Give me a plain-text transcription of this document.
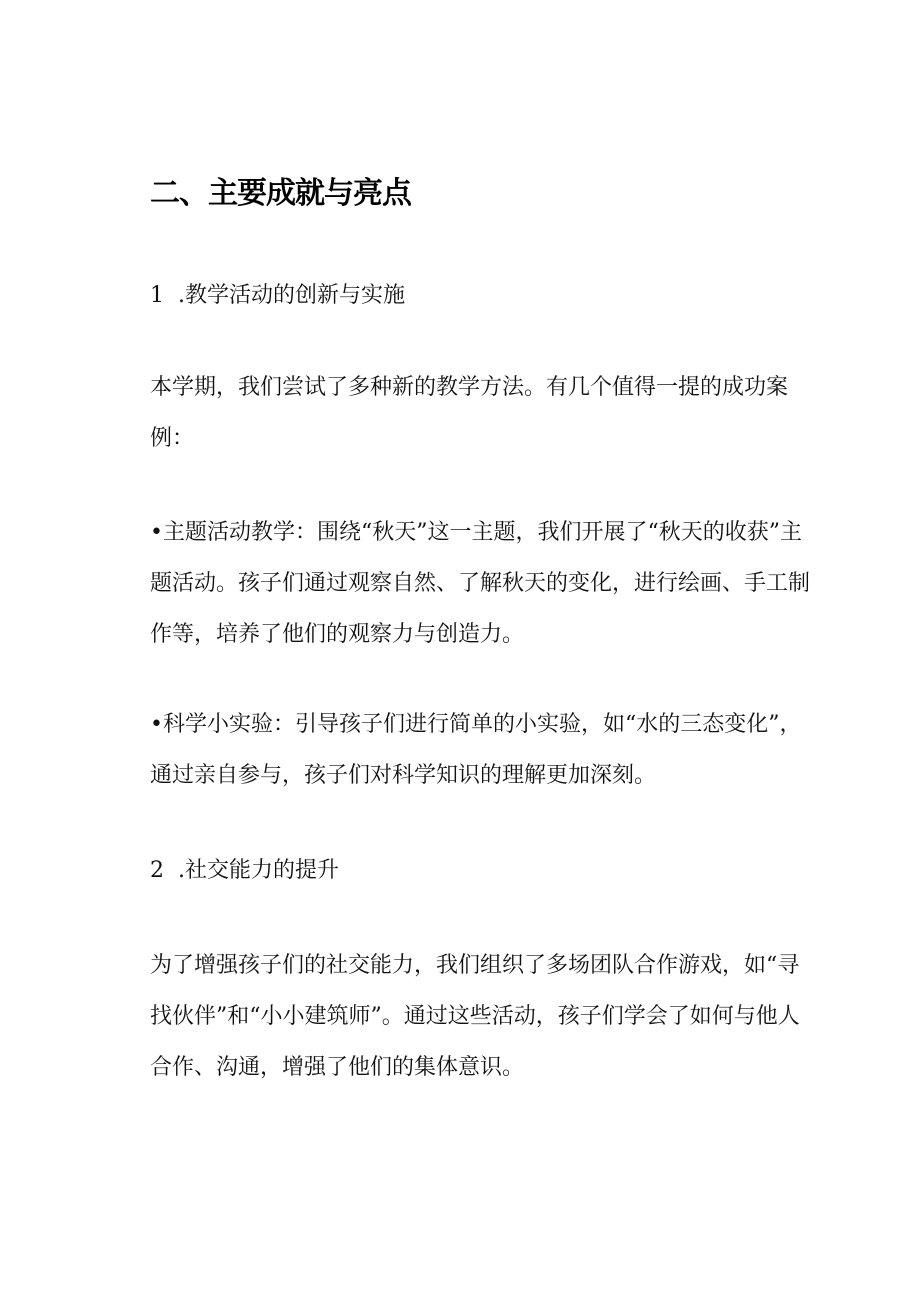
二、主要成就与亮点

1 .教学活动的创新与实施

本学期，我们尝试了多种新的教学方法。有几个值得一提的成功案例：

•主题活动教学：围绕“秋天”这一主题，我们开展了“秋天的收获”主题活动。孩子们通过观察自然、了解秋天的变化，进行绘画、手工制作等，培养了他们的观察力与创造力。

•科学小实验：引导孩子们进行简单的小实验，如“水的三态变化”，通过亲自参与，孩子们对科学知识的理解更加深刻。

2 .社交能力的提升

为了增强孩子们的社交能力，我们组织了多场团队合作游戏，如“寻找伙伴”和“小小建筑师”。通过这些活动，孩子们学会了如何与他人合作、沟通，增强了他们的集体意识。
